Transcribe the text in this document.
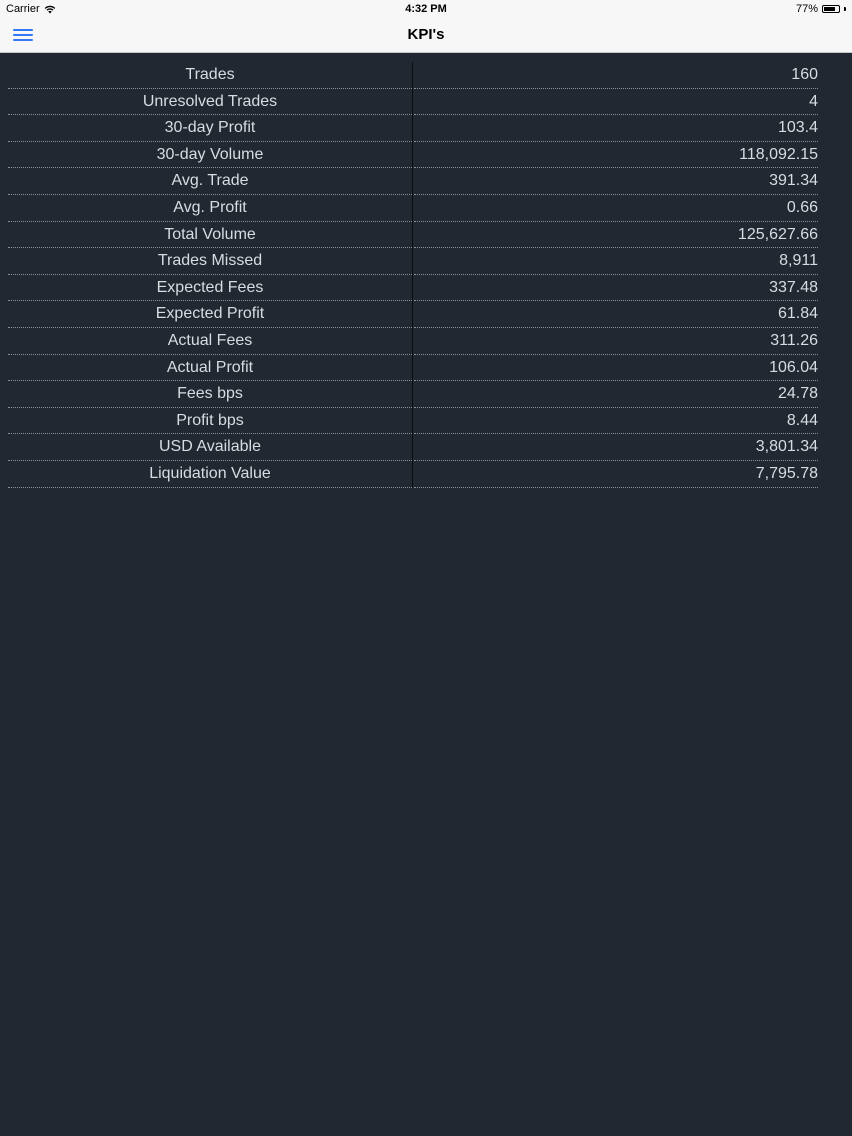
Carrier	4:32 PM	77%
KPI's
Trades	160
Unresolved Trades	4
30-day Profit	103.4
30-day Volume	118,092.15
Avg. Trade	391.34
Avg. Profit	0.66
Total Volume	125,627.66
Trades Missed	8,911
Expected Fees	337.48
Expected Profit	61.84
Actual Fees	311.26
Actual Profit	106.04
Fees bps	24.78
Profit bps	8.44
USD Available	3,801.34
Liquidation Value	7,795.78
